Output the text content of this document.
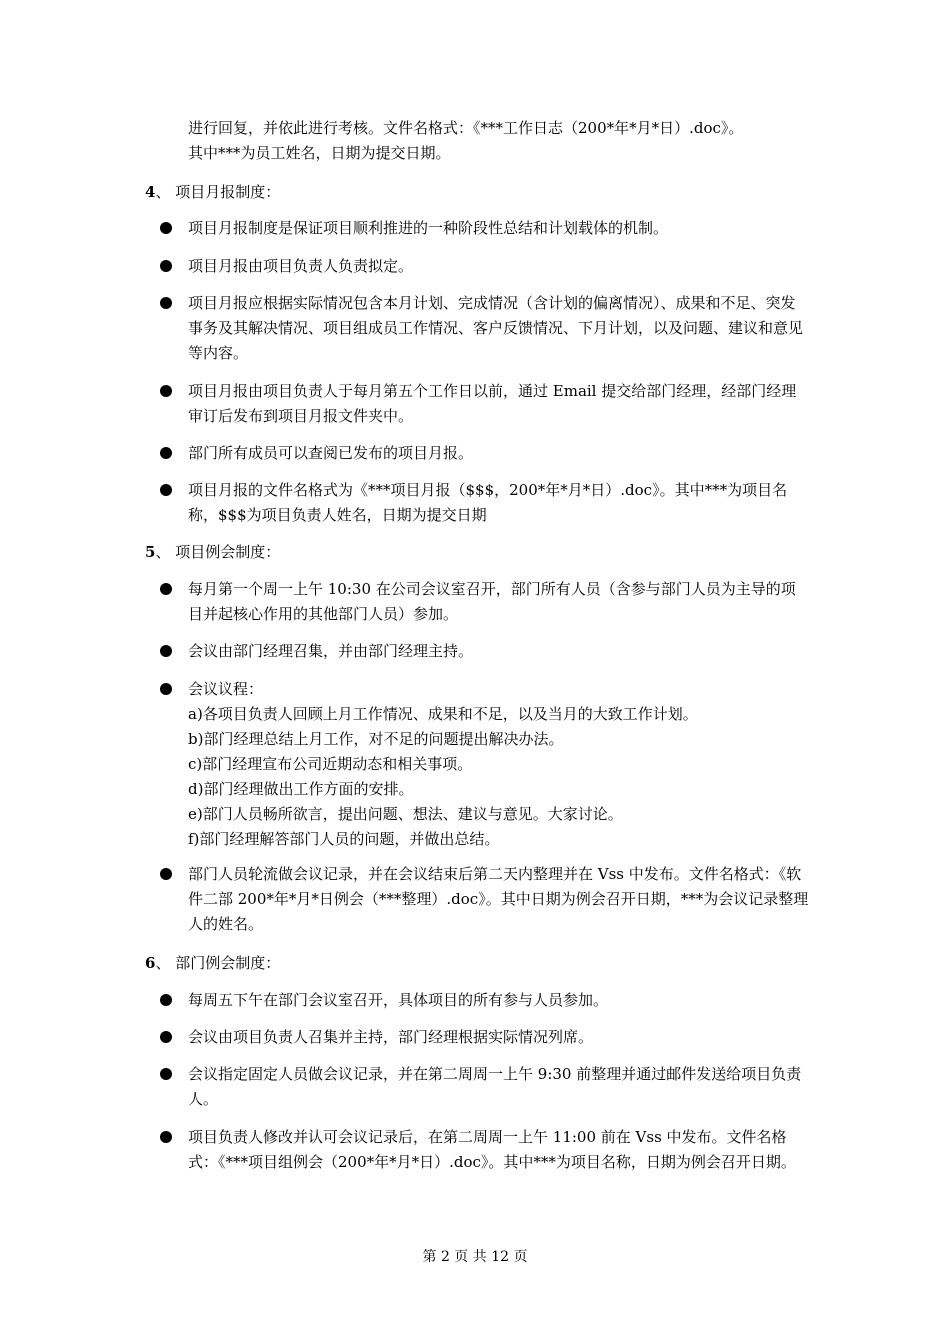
进行回复，并依此进行考核。文件名格式：《***工作日志（200*年*月*日）.doc》。
其中***为员工姓名，日期为提交日期。
4、 项目月报制度：
项目月报制度是保证项目顺利推进的一种阶段性总结和计划载体的机制。
项目月报由项目负责人负责拟定。
项目月报应根据实际情况包含本月计划、完成情况（含计划的偏离情况）、成果和不足、突发事务及其解决情况、项目组成员工作情况、客户反馈情况、下月计划，以及问题、建议和意见等内容。
项目月报由项目负责人于每月第五个工作日以前，通过 Email 提交给部门经理，经部门经理审订后发布到项目月报文件夹中。
部门所有成员可以查阅已发布的项目月报。
项目月报的文件名格式为《***项目月报（$$$，200*年*月*日）.doc》。其中***为项目名称，$$$为项目负责人姓名，日期为提交日期
5、 项目例会制度：
每月第一个周一上午 10:30 在公司会议室召开，部门所有人员（含参与部门人员为主导的项目并起核心作用的其他部门人员）参加。
会议由部门经理召集，并由部门经理主持。
会议议程：
a)各项目负责人回顾上月工作情况、成果和不足，以及当月的大致工作计划。
b)部门经理总结上月工作，对不足的问题提出解决办法。
c)部门经理宣布公司近期动态和相关事项。
d)部门经理做出工作方面的安排。
e)部门人员畅所欲言，提出问题、想法、建议与意见。大家讨论。
f)部门经理解答部门人员的问题，并做出总结。
部门人员轮流做会议记录，并在会议结束后第二天内整理并在 Vss 中发布。文件名格式：《软件二部 200*年*月*日例会（***整理）.doc》。其中日期为例会召开日期，***为会议记录整理人的姓名。
6、 部门例会制度：
每周五下午在部门会议室召开，具体项目的所有参与人员参加。
会议由项目负责人召集并主持，部门经理根据实际情况列席。
会议指定固定人员做会议记录，并在第二周周一上午 9:30 前整理并通过邮件发送给项目负责人。
项目负责人修改并认可会议记录后，在第二周周一上午 11:00 前在 Vss 中发布。文件名格式：《***项目组例会（200*年*月*日）.doc》。其中***为项目名称，日期为例会召开日期。
第 2 页 共 12 页
